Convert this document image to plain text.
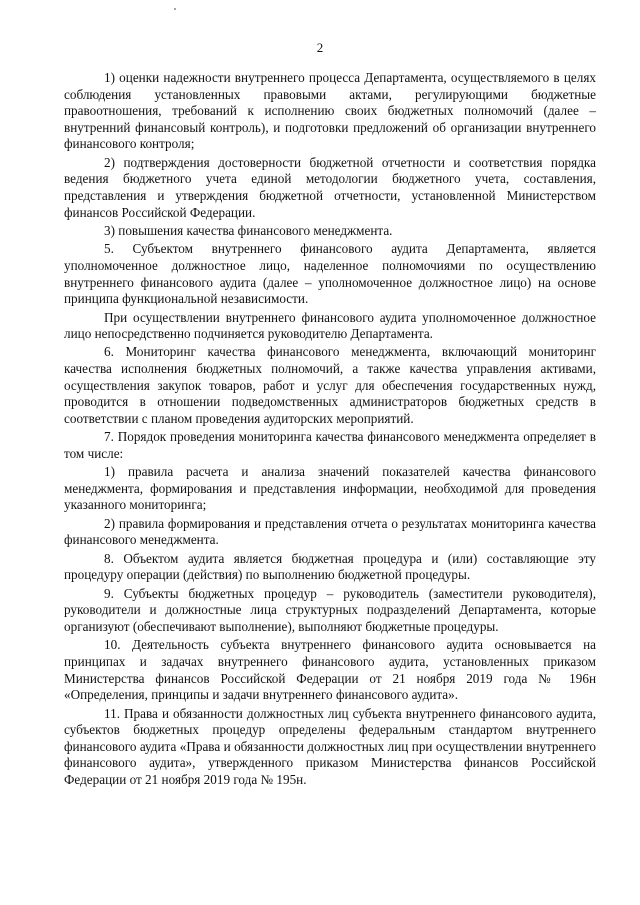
2

1) оценки надежности внутреннего процесса Департамента, осуществляемого в целях соблюдения установленных правовыми актами, регулирующими бюджетные правоотношения, требований к исполнению своих бюджетных полномочий (далее – внутренний финансовый контроль), и подготовки предложений об организации внутреннего финансового контроля;

2) подтверждения достоверности бюджетной отчетности и соответствия порядка ведения бюджетного учета единой методологии бюджетного учета, составления, представления и утверждения бюджетной отчетности, установленной Министерством финансов Российской Федерации.

3) повышения качества финансового менеджмента.

5. Субъектом внутреннего финансового аудита Департамента, является уполномоченное должностное лицо, наделенное полномочиями по осуществлению внутреннего финансового аудита (далее – уполномоченное должностное лицо) на основе принципа функциональной независимости.

При осуществлении внутреннего финансового аудита уполномоченное должностное лицо непосредственно подчиняется руководителю Департамента.

6. Мониторинг качества финансового менеджмента, включающий мониторинг качества исполнения бюджетных полномочий, а также качества управления активами, осуществления закупок товаров, работ и услуг для обеспечения государственных нужд, проводится в отношении подведомственных администраторов бюджетных средств в соответствии с планом проведения аудиторских мероприятий.

7. Порядок проведения мониторинга качества финансового менеджмента определяет в том числе:

1) правила расчета и анализа значений показателей качества финансового менеджмента, формирования и представления информации, необходимой для проведения указанного мониторинга;

2) правила формирования и представления отчета о результатах мониторинга качества финансового менеджмента.

8. Объектом аудита является бюджетная процедура и (или) составляющие эту процедуру операции (действия) по выполнению бюджетной процедуры.

9. Субъекты бюджетных процедур – руководитель (заместители руководителя), руководители и должностные лица структурных подразделений Департамента, которые организуют (обеспечивают выполнение), выполняют бюджетные процедуры.

10. Деятельность субъекта внутреннего финансового аудита основывается на принципах и задачах внутреннего финансового аудита, установленных приказом Министерства финансов Российской Федерации от 21 ноября 2019 года № 196н «Определения, принципы и задачи внутреннего финансового аудита».

11. Права и обязанности должностных лиц субъекта внутреннего финансового аудита, субъектов бюджетных процедур определены федеральным стандартом внутреннего финансового аудита «Права и обязанности должностных лиц при осуществлении внутреннего финансового аудита», утвержденного приказом Министерства финансов Российской Федерации от 21 ноября 2019 года № 195н.
